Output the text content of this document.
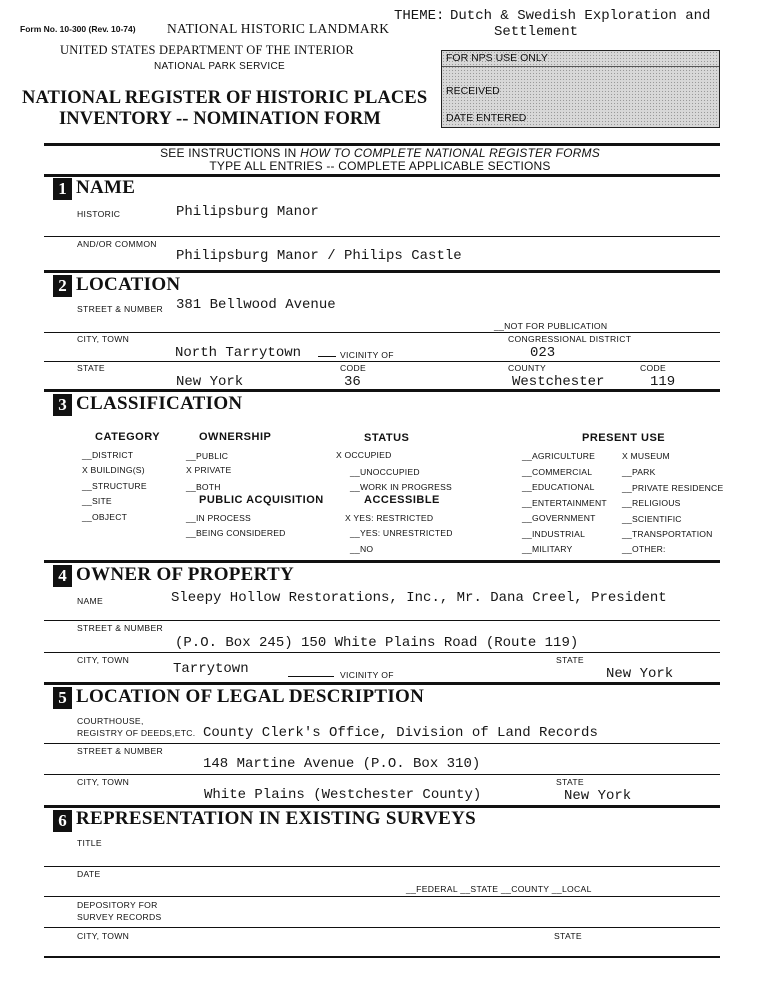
Form No. 10-300 (Rev. 10-74) NATIONAL HISTORIC LANDMARK
THEME: Dutch & Swedish Exploration and
Settlement
UNITED STATES DEPARTMENT OF THE INTERIOR
NATIONAL PARK SERVICE
NATIONAL REGISTER OF HISTORIC PLACES
INVENTORY -- NOMINATION FORM
FOR NPS USE ONLY
RECEIVED
DATE ENTERED
SEE INSTRUCTIONS IN HOW TO COMPLETE NATIONAL REGISTER FORMS
TYPE ALL ENTRIES -- COMPLETE APPLICABLE SECTIONS
1 NAME
HISTORIC	Philipsburg Manor
AND/OR COMMON
Philipsburg Manor / Philips Castle
2 LOCATION
STREET & NUMBER 381 Bellwood Avenue
__NOT FOR PUBLICATION
CITY, TOWN	CONGRESSIONAL DISTRICT
North Tarrytown	VICINITY OF	023
STATE	CODE	COUNTY	CODE
New York	36	Westchester	119
3 CLASSIFICATION
CATEGORY
__DISTRICT
X BUILDING(S)
__STRUCTURE
__SITE
__OBJECT
OWNERSHIP
__PUBLIC
X PRIVATE
__BOTH
PUBLIC ACQUISITION
__IN PROCESS
__BEING CONSIDERED
STATUS
X OCCUPIED
__UNOCCUPIED
__WORK IN PROGRESS
ACCESSIBLE
X YES: RESTRICTED
__YES: UNRESTRICTED
__NO
PRESENT USE
__AGRICULTURE
__COMMERCIAL
__EDUCATIONAL
__ENTERTAINMENT
__GOVERNMENT
__INDUSTRIAL
__MILITARY
X MUSEUM
__PARK
__PRIVATE RESIDENCE
__RELIGIOUS
__SCIENTIFIC
__TRANSPORTATION
__OTHER:
4 OWNER OF PROPERTY
NAME	Sleepy Hollow Restorations, Inc., Mr. Dana Creel, President
STREET & NUMBER
(P.O. Box 245) 150 White Plains Road (Route 119)
CITY, TOWN	STATE
Tarrytown	VICINITY OF	New York
5 LOCATION OF LEGAL DESCRIPTION
COURTHOUSE,
REGISTRY OF DEEDS,ETC. County Clerk's Office, Division of Land Records
STREET & NUMBER
148 Martine Avenue (P.O. Box 310)
CITY, TOWN	STATE
White Plains (Westchester County)	New York
6 REPRESENTATION IN EXISTING SURVEYS
TITLE
DATE
__FEDERAL __STATE __COUNTY __LOCAL
DEPOSITORY FOR
SURVEY RECORDS
CITY, TOWN	STATE
